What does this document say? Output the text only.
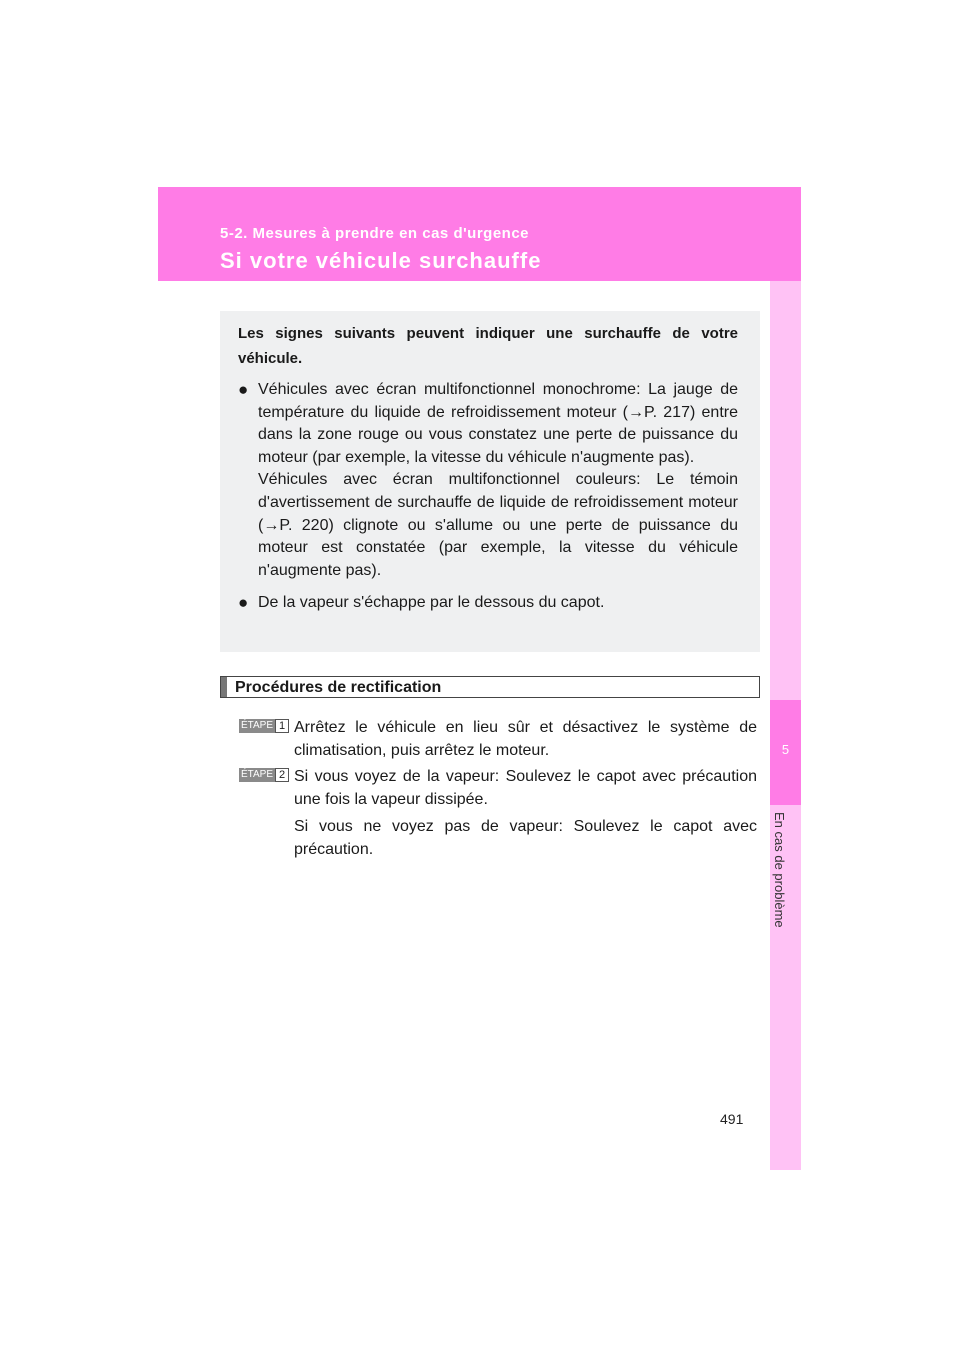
5-2. Mesures à prendre en cas d'urgence
Si votre véhicule surchauffe
5
En cas de problème

Les signes suivants peuvent indiquer une surchauffe de votre véhicule.

● Véhicules avec écran multifonctionnel monochrome: La jauge de température du liquide de refroidissement moteur (→P. 217) entre dans la zone rouge ou vous constatez une perte de puissance du moteur (par exemple, la vitesse du véhicule n'augmente pas).

Véhicules avec écran multifonctionnel couleurs: Le témoin d'avertissement de surchauffe de liquide de refroidissement moteur (→P. 220) clignote ou s'allume ou une perte de puissance du moteur est constatée (par exemple, la vitesse du véhicule n'augmente pas).

● De la vapeur s'échappe par le dessous du capot.

Procédures de rectification
ÉTAPE 1 Arrêtez le véhicule en lieu sûr et désactivez le système de climatisation, puis arrêtez le moteur.

ÉTAPE 2 Si vous voyez de la vapeur: Soulevez le capot avec précaution une fois la vapeur dissipée.

Si vous ne voyez pas de vapeur: Soulevez le capot avec précaution.

491
